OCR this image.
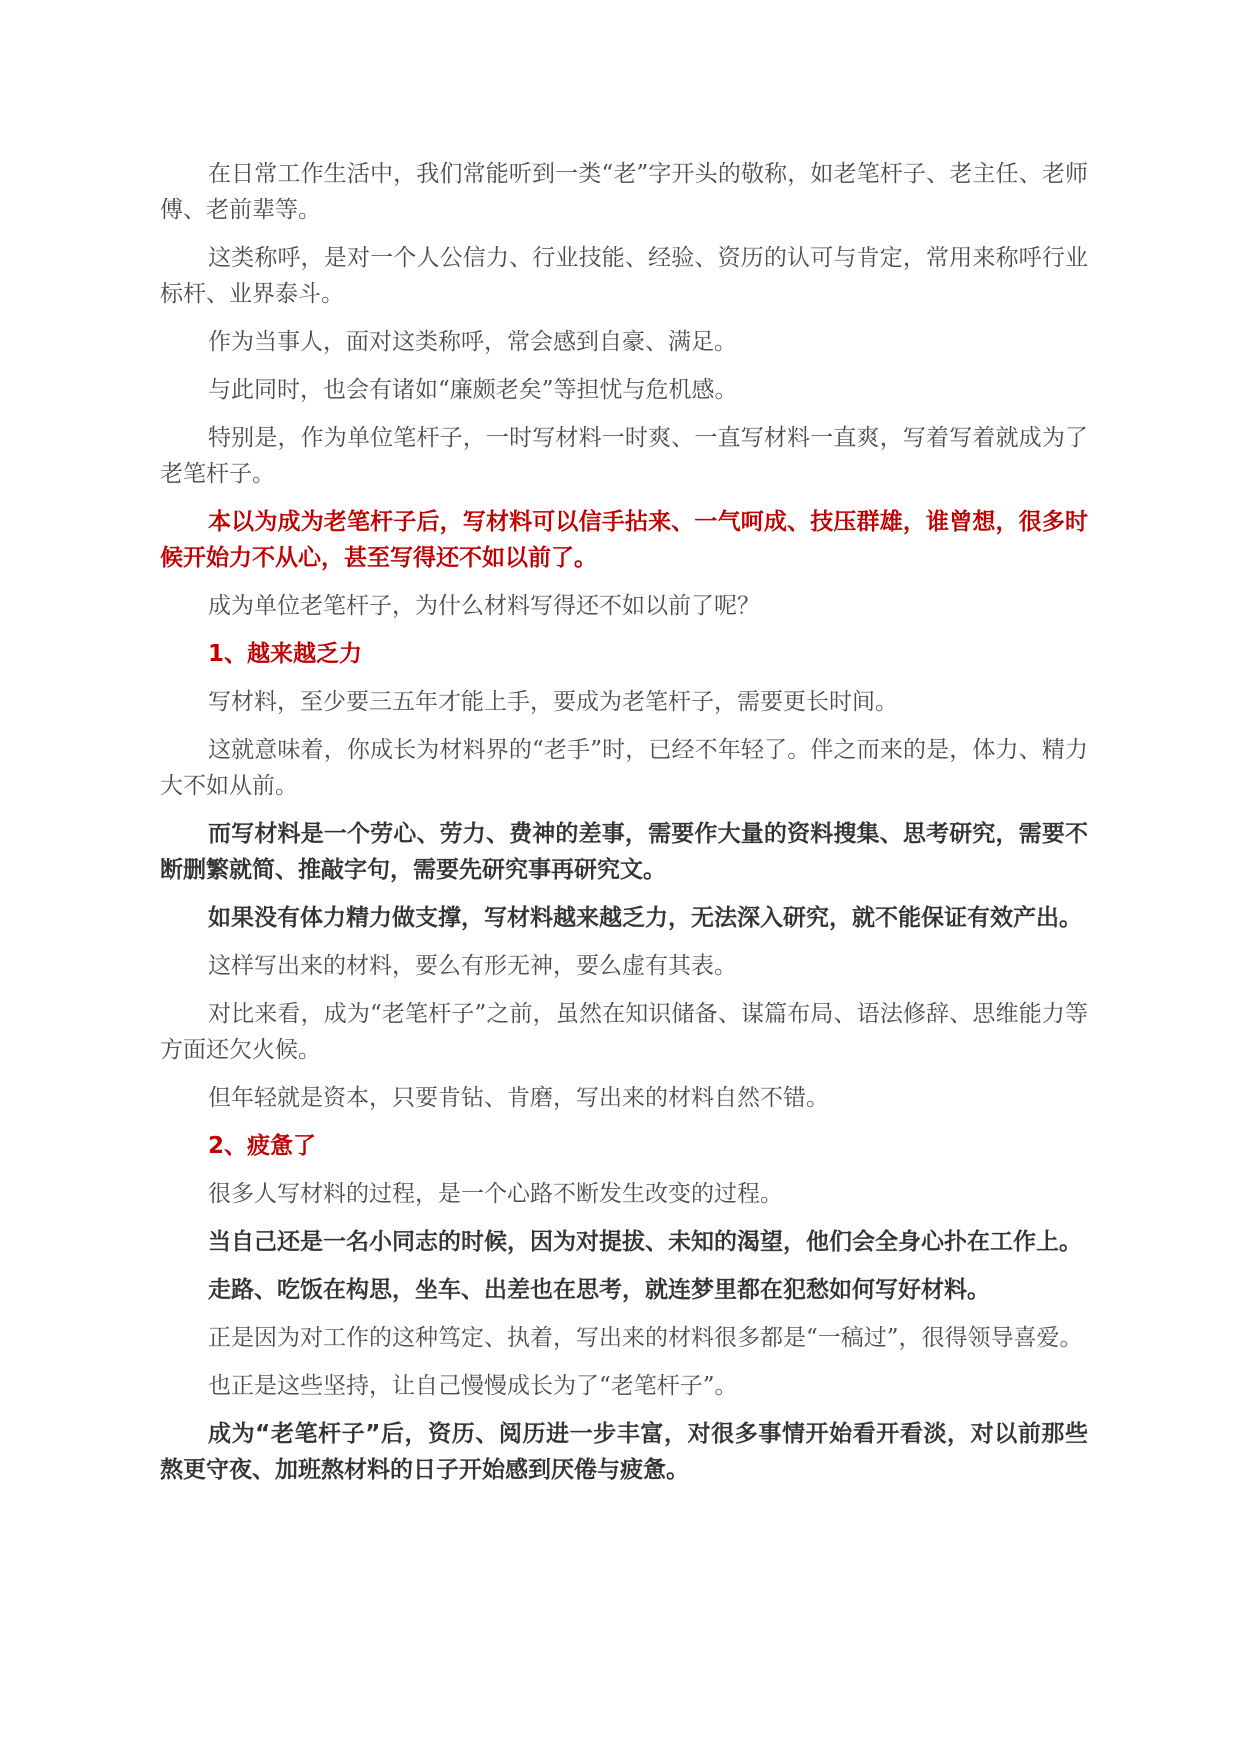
在日常工作生活中，我们常能听到一类“老”字开头的敬称，如老笔杆子、老主任、老师傅、老前辈等。

这类称呼，是对一个人公信力、行业技能、经验、资历的认可与肯定，常用来称呼行业标杆、业界泰斗。

作为当事人，面对这类称呼，常会感到自豪、满足。

与此同时，也会有诸如“廉颇老矣”等担忧与危机感。

特别是，作为单位笔杆子，一时写材料一时爽、一直写材料一直爽，写着写着就成为了老笔杆子。

本以为成为老笔杆子后，写材料可以信手拈来、一气呵成、技压群雄，谁曾想，很多时候开始力不从心，甚至写得还不如以前了。

成为单位老笔杆子，为什么材料写得还不如以前了呢？

1、越来越乏力

写材料，至少要三五年才能上手，要成为老笔杆子，需要更长时间。

这就意味着，你成长为材料界的“老手”时，已经不年轻了。伴之而来的是，体力、精力大不如从前。

而写材料是一个劳心、劳力、费神的差事，需要作大量的资料搜集、思考研究，需要不断删繁就简、推敲字句，需要先研究事再研究文。

如果没有体力精力做支撑，写材料越来越乏力，无法深入研究，就不能保证有效产出。

这样写出来的材料，要么有形无神，要么虚有其表。

对比来看，成为“老笔杆子”之前，虽然在知识储备、谋篇布局、语法修辞、思维能力等方面还欠火候。

但年轻就是资本，只要肯钻、肯磨，写出来的材料自然不错。

2、疲惫了

很多人写材料的过程，是一个心路不断发生改变的过程。

当自己还是一名小同志的时候，因为对提拔、未知的渴望，他们会全身心扑在工作上。

走路、吃饭在构思，坐车、出差也在思考，就连梦里都在犯愁如何写好材料。

正是因为对工作的这种笃定、执着，写出来的材料很多都是“一稿过”，很得领导喜爱。

也正是这些坚持，让自己慢慢成长为了“老笔杆子”。

成为“老笔杆子”后，资历、阅历进一步丰富，对很多事情开始看开看淡，对以前那些熬更守夜、加班熬材料的日子开始感到厌倦与疲惫。
